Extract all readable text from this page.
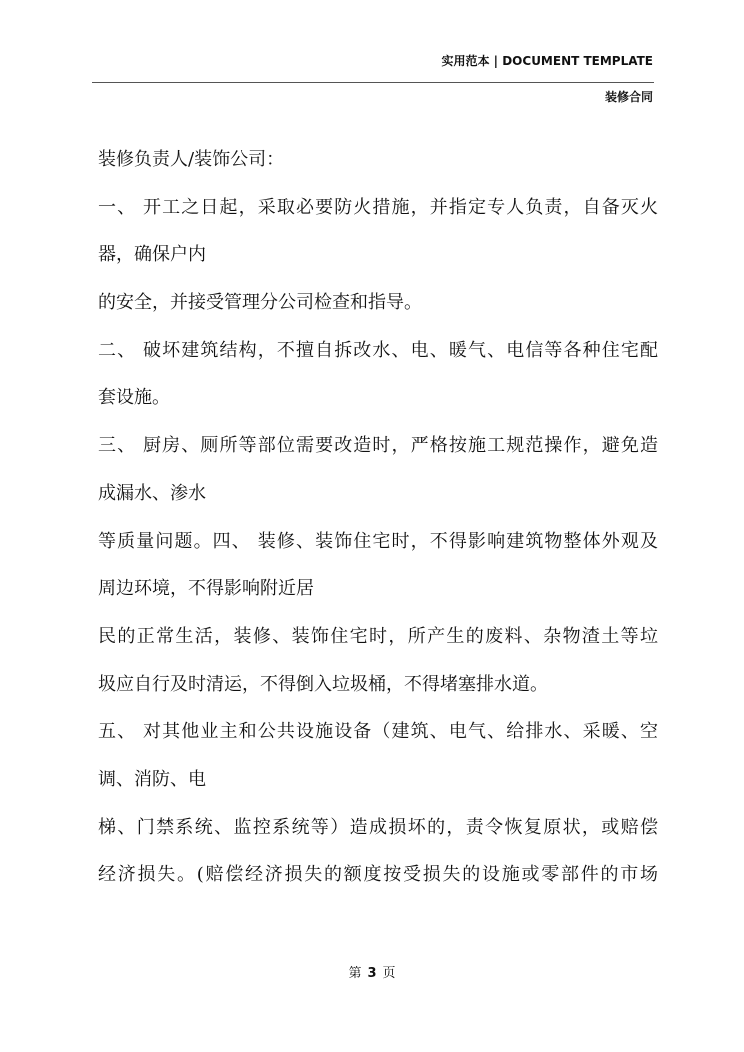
实用范本 | DOCUMENT TEMPLATE
装修合同
装修负责人/装饰公司：
一、 开工之日起，采取必要防火措施，并指定专人负责，自备灭火
器，确保户内
的安全，并接受管理分公司检查和指导。
二、 破坏建筑结构，不擅自拆改水、电、暖气、电信等各种住宅配
套设施。
三、 厨房、厕所等部位需要改造时，严格按施工规范操作，避免造
成漏水、渗水
等质量问题。四、 装修、装饰住宅时，不得影响建筑物整体外观及
周边环境，不得影响附近居
民的正常生活，装修、装饰住宅时，所产生的废料、杂物渣土等垃
圾应自行及时清运，不得倒入垃圾桶，不得堵塞排水道。
五、 对其他业主和公共设施设备（建筑、电气、给排水、采暖、空
调、消防、电
梯、门禁系统、监控系统等）造成损坏的，责令恢复原状，或赔偿
经济损失。(赔偿经济损失的额度按受损失的设施或零部件的市场
第 3 页
